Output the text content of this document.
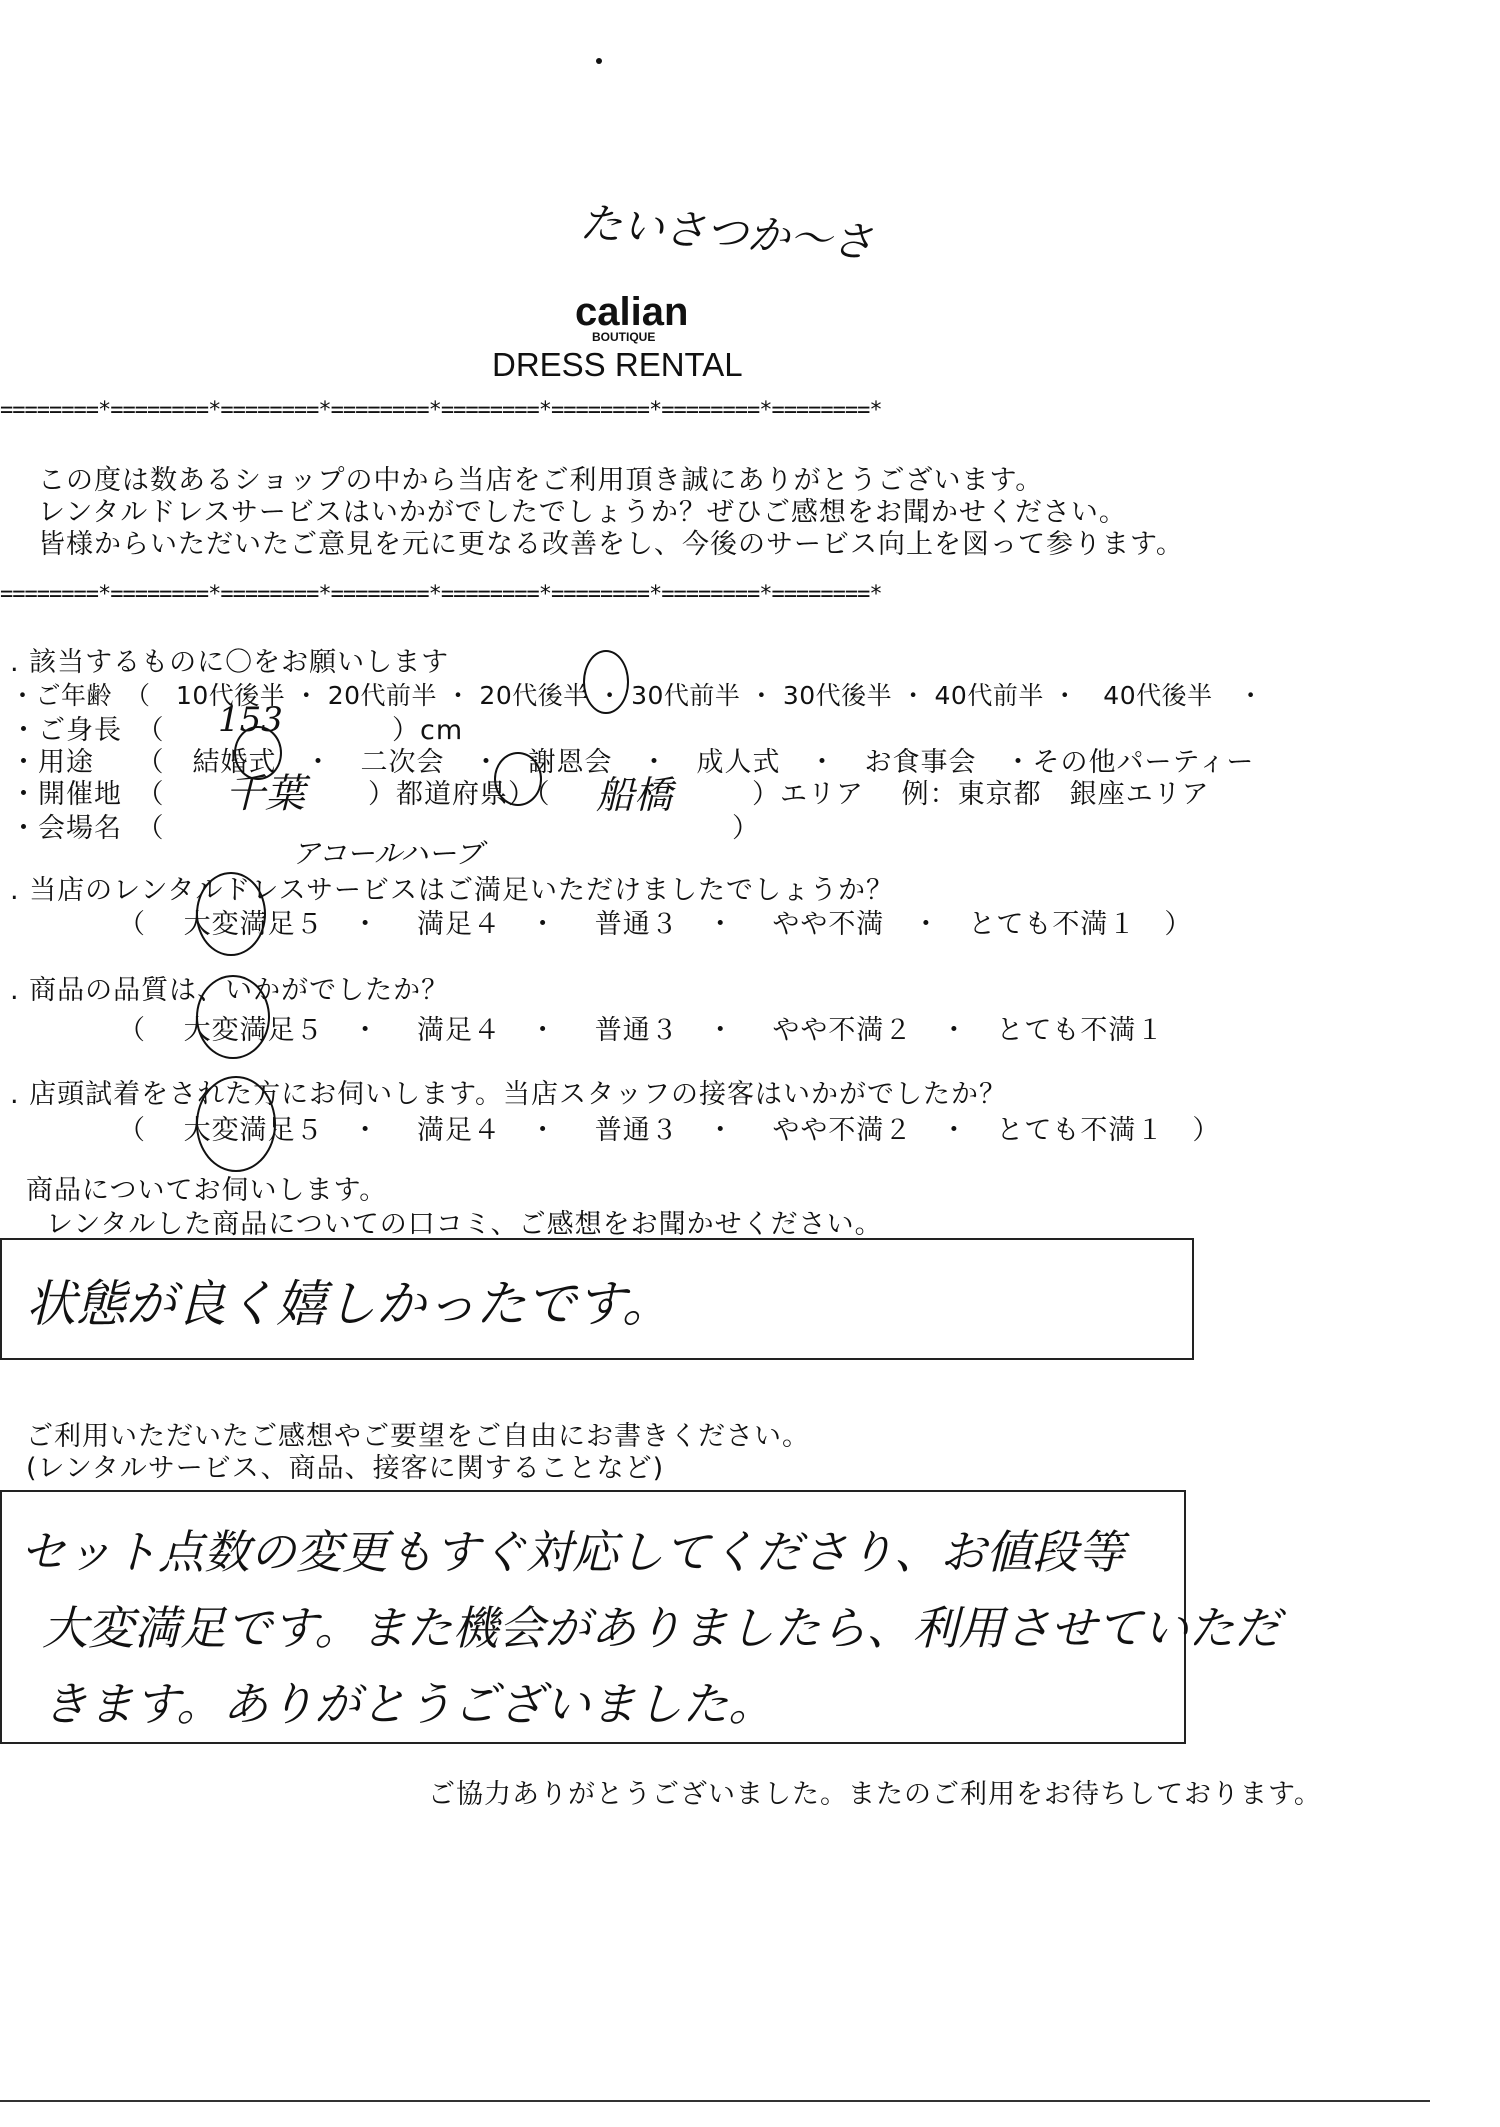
たいさつか～さ
calian
BOUTIQUE
DRESS RENTAL
========*========*========*========*========*========*========*========*
この度は数あるショップの中から当店をご利用頂き誠にありがとうございます。
レンタルドレスサービスはいかがでしたでしょうか？ぜひご感想をお聞かせください。
皆様からいただいたご意見を元に更なる改善をし、今後のサービス向上を図って参ります。
========*========*========*========*========*========*========*========*
. 該当するものに〇をお願いします
・ご年齢　（　10代後半 ・ 20代前半 ・ 20代後半 ・ 30代前半 ・ 30代後半 ・ 40代前半 ・　40代後半　・
・ご身長　（ 153	）cm
・用途　　（　結婚式　・　二次会　・　謝恩会　・　成人式　・　お食事会　・その他パーティー
・開催地　（ 千葉 ）都道府県）（ 船橋	）エリア　 例：東京都　銀座エリア
・会場名　（
アコールハーブ
）
. 当店のレンタルドレスサービスはご満足いただけましたでしょうか？
（　 大変満足５　・　 満足４　・　 普通３　・　 やや不満　・　とても不満１　）
. 商品の品質は、いかがでしたか？
（　 大変満足５　・　 満足４　・　 普通３　・　 やや不満２　・　とても不満１
. 店頭試着をされた方にお伺いします。当店スタッフの接客はいかがでしたか？
（　 大変満足５　・　 満足４　・　 普通３　・　 やや不満２　・　とても不満１　）
商品についてお伺いします。
レンタルした商品についての口コミ、ご感想をお聞かせください。
状態が良く嬉しかったです。
ご利用いただいたご感想やご要望をご自由にお書きください。
(レンタルサービス、商品、接客に関することなど)
セット点数の変更もすぐ対応してくださり、お値段等
大変満足です。また機会がありましたら、利用させていただ
きます。ありがとうございました。
ご協力ありがとうございました。またのご利用をお待ちしております。
